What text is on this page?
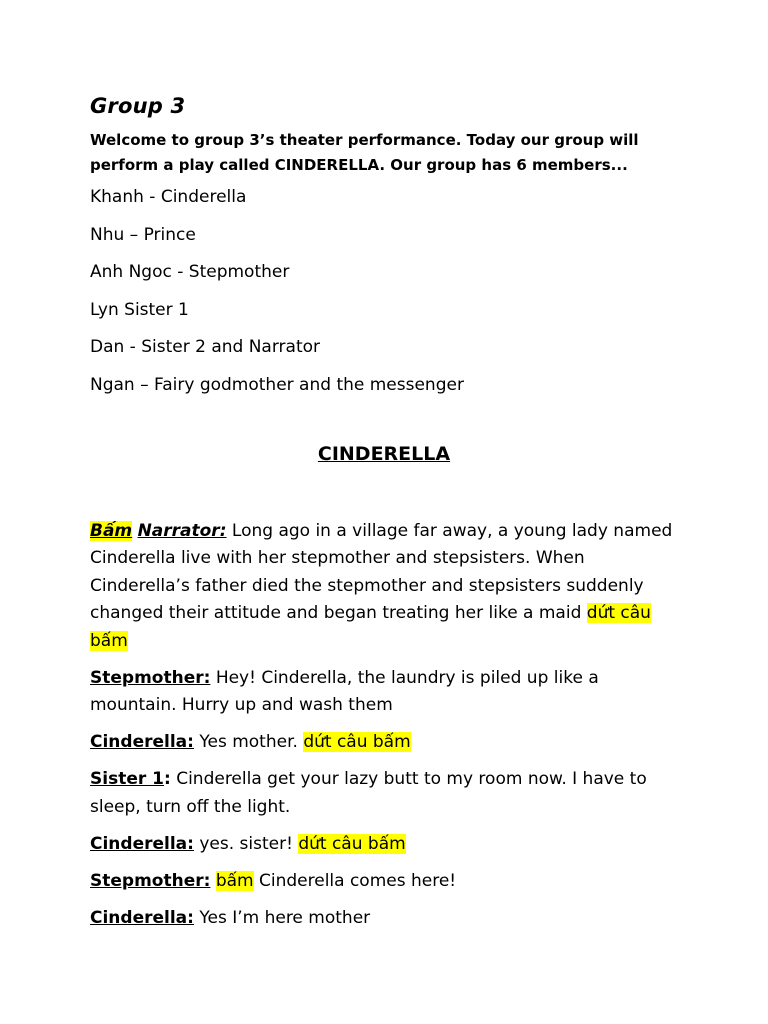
Group 3
Welcome to group 3’s theater performance. Today our group will perform a play called CINDERELLA. Our group has 6 members...
Khanh - Cinderella
Nhu – Prince
Anh Ngoc - Stepmother
Lyn Sister 1
Dan - Sister 2 and Narrator
Ngan – Fairy godmother and the messenger
CINDERELLA
Bấm Narrator: Long ago in a village far away, a young lady named Cinderella live with her stepmother and stepsisters. When Cinderella’s father died the stepmother and stepsisters suddenly changed their attitude and began treating her like a maid dứt câu bấm
Stepmother: Hey! Cinderella, the laundry is piled up like a mountain. Hurry up and wash them
Cinderella: Yes mother. dứt câu bấm
Sister 1: Cinderella get your lazy butt to my room now. I have to sleep, turn off the light.
Cinderella: yes. sister! dứt câu bấm
Stepmother: bấm Cinderella comes here!
Cinderella: Yes I’m here mother
